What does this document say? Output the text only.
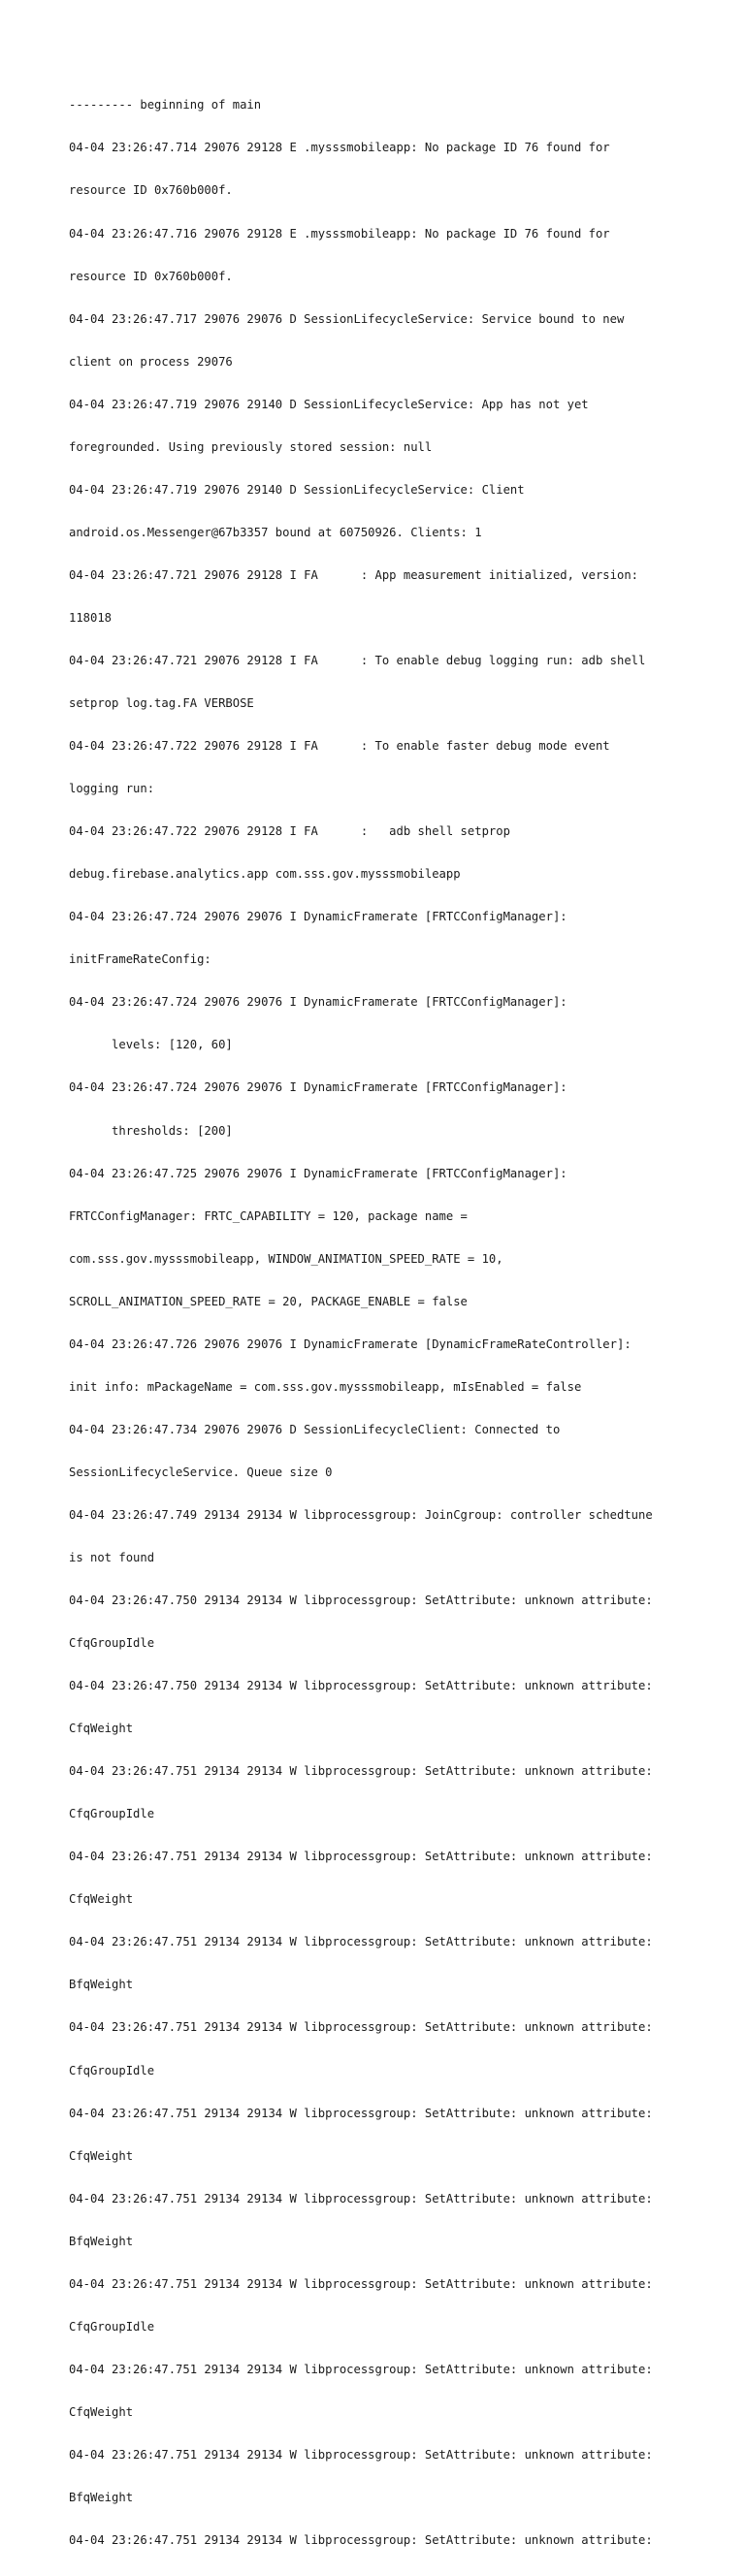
--------- beginning of main

04-04 23:26:47.714 29076 29128 E .mysssmobileapp: No package ID 76 found for

resource ID 0x760b000f.

04-04 23:26:47.716 29076 29128 E .mysssmobileapp: No package ID 76 found for

resource ID 0x760b000f.

04-04 23:26:47.717 29076 29076 D SessionLifecycleService: Service bound to new

client on process 29076

04-04 23:26:47.719 29076 29140 D SessionLifecycleService: App has not yet

foregrounded. Using previously stored session: null

04-04 23:26:47.719 29076 29140 D SessionLifecycleService: Client

android.os.Messenger@67b3357 bound at 60750926. Clients: 1

04-04 23:26:47.721 29076 29128 I FA      : App measurement initialized, version:

118018

04-04 23:26:47.721 29076 29128 I FA      : To enable debug logging run: adb shell

setprop log.tag.FA VERBOSE

04-04 23:26:47.722 29076 29128 I FA      : To enable faster debug mode event

logging run:

04-04 23:26:47.722 29076 29128 I FA      :   adb shell setprop

debug.firebase.analytics.app com.sss.gov.mysssmobileapp

04-04 23:26:47.724 29076 29076 I DynamicFramerate [FRTCConfigManager]:

initFrameRateConfig:

04-04 23:26:47.724 29076 29076 I DynamicFramerate [FRTCConfigManager]:

levels: [120, 60]

04-04 23:26:47.724 29076 29076 I DynamicFramerate [FRTCConfigManager]:

thresholds: [200]

04-04 23:26:47.725 29076 29076 I DynamicFramerate [FRTCConfigManager]:

FRTCConfigManager: FRTC_CAPABILITY = 120, package name =

com.sss.gov.mysssmobileapp, WINDOW_ANIMATION_SPEED_RATE = 10,

SCROLL_ANIMATION_SPEED_RATE = 20, PACKAGE_ENABLE = false

04-04 23:26:47.726 29076 29076 I DynamicFramerate [DynamicFrameRateController]:

init info: mPackageName = com.sss.gov.mysssmobileapp, mIsEnabled = false

04-04 23:26:47.734 29076 29076 D SessionLifecycleClient: Connected to

SessionLifecycleService. Queue size 0

04-04 23:26:47.749 29134 29134 W libprocessgroup: JoinCgroup: controller schedtune

is not found

04-04 23:26:47.750 29134 29134 W libprocessgroup: SetAttribute: unknown attribute:

CfqGroupIdle

04-04 23:26:47.750 29134 29134 W libprocessgroup: SetAttribute: unknown attribute:

CfqWeight

04-04 23:26:47.751 29134 29134 W libprocessgroup: SetAttribute: unknown attribute:

CfqGroupIdle

04-04 23:26:47.751 29134 29134 W libprocessgroup: SetAttribute: unknown attribute:

CfqWeight

04-04 23:26:47.751 29134 29134 W libprocessgroup: SetAttribute: unknown attribute:

BfqWeight

04-04 23:26:47.751 29134 29134 W libprocessgroup: SetAttribute: unknown attribute:

CfqGroupIdle

04-04 23:26:47.751 29134 29134 W libprocessgroup: SetAttribute: unknown attribute:

CfqWeight

04-04 23:26:47.751 29134 29134 W libprocessgroup: SetAttribute: unknown attribute:

BfqWeight

04-04 23:26:47.751 29134 29134 W libprocessgroup: SetAttribute: unknown attribute:

CfqGroupIdle

04-04 23:26:47.751 29134 29134 W libprocessgroup: SetAttribute: unknown attribute:

CfqWeight

04-04 23:26:47.751 29134 29134 W libprocessgroup: SetAttribute: unknown attribute:

BfqWeight

04-04 23:26:47.751 29134 29134 W libprocessgroup: SetAttribute: unknown attribute:
